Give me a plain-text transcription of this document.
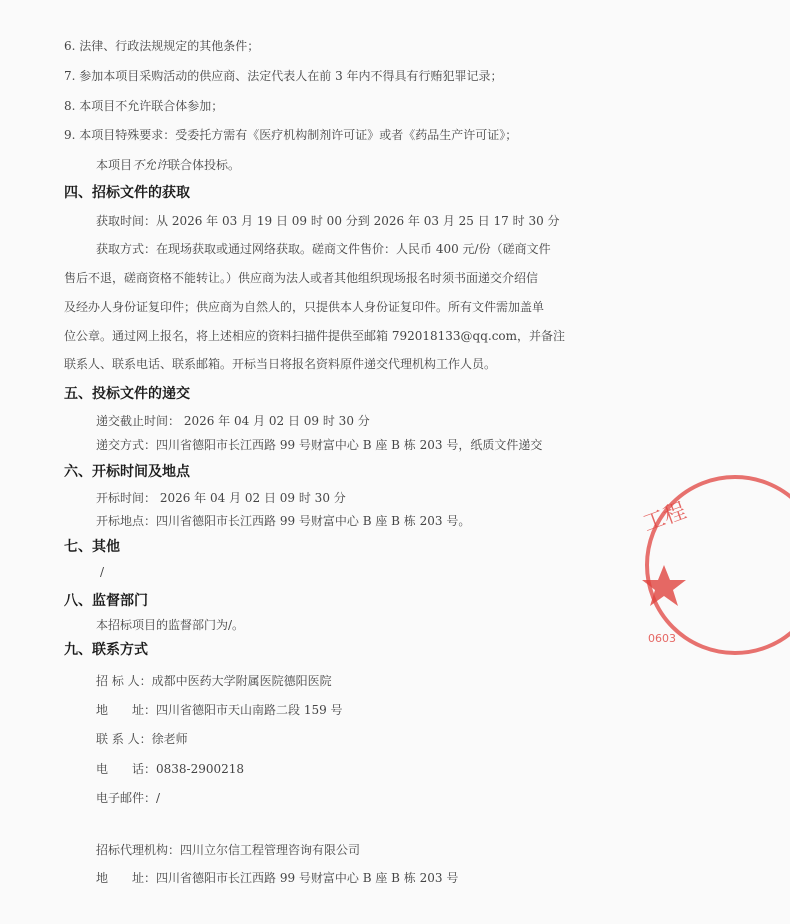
6. 法律、行政法规规定的其他条件；
7. 参加本项目采购活动的供应商、法定代表人在前 3 年内不得具有行贿犯罪记录；
8. 本项目不允许联合体参加；
9. 本项目特殊要求：受委托方需有《医疗机构制剂许可证》或者《药品生产许可证》；
本项目不允许联合体投标。
四、招标文件的获取
获取时间：从 2026 年 03 月 19 日 09 时 00 分到 2026 年 03 月 25 日 17 时 30 分
获取方式：在现场获取或通过网络获取。磋商文件售价：人民币 400 元/份（磋商文件
售后不退，磋商资格不能转让。）供应商为法人或者其他组织现场报名时须书面递交介绍信
及经办人身份证复印件；供应商为自然人的，只提供本人身份证复印件。所有文件需加盖单
位公章。通过网上报名，将上述相应的资料扫描件提供至邮箱 792018133@qq.com，并备注
联系人、联系电话、联系邮箱。开标当日将报名资料原件递交代理机构工作人员。
五、投标文件的递交
递交截止时间： 2026 年 04 月 02 日 09 时 30 分
递交方式：四川省德阳市长江西路 99 号财富中心 B 座 B 栋 203 号，纸质文件递交
六、开标时间及地点
开标时间： 2026 年 04 月 02 日 09 时 30 分
开标地点：四川省德阳市长江西路 99 号财富中心 B 座 B 栋 203 号。
七、其他
/
八、监督部门
本招标项目的监督部门为/。
九、联系方式
招 标 人：成都中医药大学附属医院德阳医院
地　　址：四川省德阳市天山南路二段 159 号
联 系 人：徐老师
电　　话：0838-2900218
电子邮件：/
招标代理机构：四川立尔信工程管理咨询有限公司
地　　址：四川省德阳市长江西路 99 号财富中心 B 座 B 栋 203 号
工程
0603
